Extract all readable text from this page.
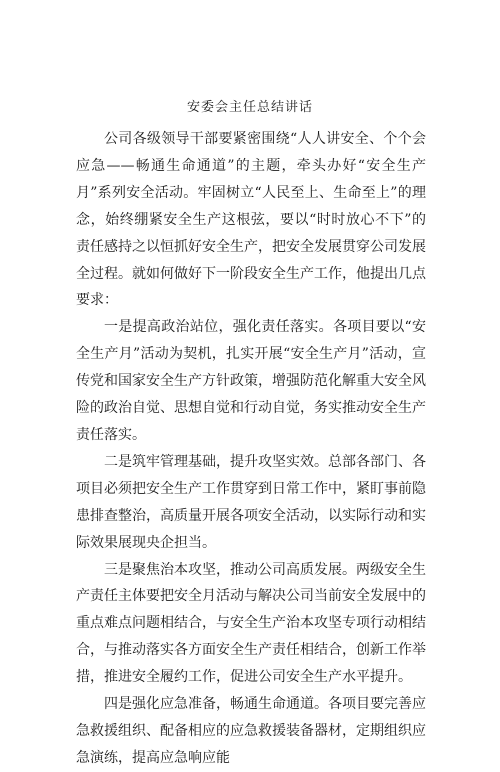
安委会主任总结讲话

公司各级领导干部要紧密围绕“人人讲安全、个个会应急——畅通生命通道”的主题，牵头办好“安全生产月”系列安全活动。牢固树立“人民至上、生命至上”的理念，始终绷紧安全生产这根弦，要以“时时放心不下”的责任感持之以恒抓好安全生产，把安全发展贯穿公司发展全过程。就如何做好下一阶段安全生产工作，他提出几点要求：

一是提高政治站位，强化责任落实。各项目要以“安全生产月”活动为契机，扎实开展“安全生产月”活动，宣传党和国家安全生产方针政策，增强防范化解重大安全风险的政治自觉、思想自觉和行动自觉，务实推动安全生产责任落实。

二是筑牢管理基础，提升攻坚实效。总部各部门、各项目必须把安全生产工作贯穿到日常工作中，紧盯事前隐患排查整治，高质量开展各项安全活动，以实际行动和实际效果展现央企担当。

三是聚焦治本攻坚，推动公司高质发展。两级安全生产责任主体要把安全月活动与解决公司当前安全发展中的重点难点问题相结合，与安全生产治本攻坚专项行动相结合，与推动落实各方面安全生产责任相结合，创新工作举措，推进安全履约工作，促进公司安全生产水平提升。

四是强化应急准备，畅通生命通道。各项目要完善应急救援组织、配备相应的应急救援装备器材，定期组织应急演练，提高应急响应能
